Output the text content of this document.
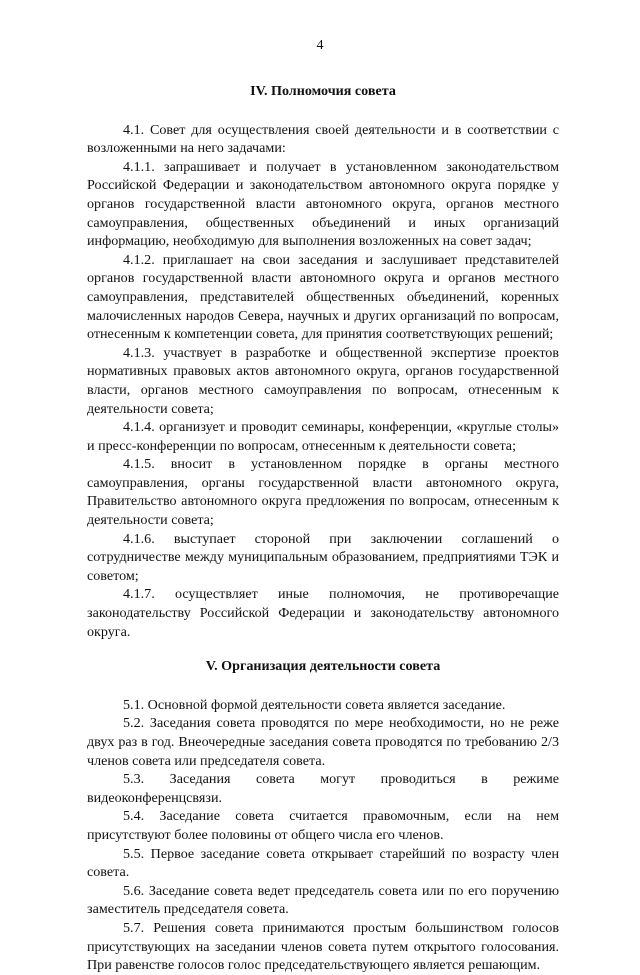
4
IV. Полномочия совета

4.1. Совет для осуществления своей деятельности и в соответствии с возложенными на него задачами:

4.1.1. запрашивает и получает в установленном законодательством Российской Федерации и законодательством автономного округа порядке у органов государственной власти автономного округа, органов местного самоуправления, общественных объединений и иных организаций информацию, необходимую для выполнения возложенных на совет задач;

4.1.2. приглашает на свои заседания и заслушивает представителей органов государственной власти автономного округа и органов местного самоуправления, представителей общественных объединений, коренных малочисленных народов Севера, научных и других организаций по вопросам, отнесенным к компетенции совета, для принятия соответствующих решений;

4.1.3. участвует в разработке и общественной экспертизе проектов нормативных правовых актов автономного округа, органов государственной власти, органов местного самоуправления по вопросам, отнесенным к деятельности совета;

4.1.4. организует и проводит семинары, конференции, «круглые столы» и пресс-конференции по вопросам, отнесенным к деятельности совета;

4.1.5. вносит в установленном порядке в органы местного самоуправления, органы государственной власти автономного округа, Правительство автономного округа предложения по вопросам, отнесенным к деятельности совета;

4.1.6. выступает стороной при заключении соглашений о сотрудничестве между муниципальным образованием, предприятиями ТЭК и советом;

4.1.7. осуществляет иные полномочия, не противоречащие законодательству Российской Федерации и законодательству автономного округа.

V. Организация деятельности совета

5.1. Основной формой деятельности совета является заседание.

5.2. Заседания совета проводятся по мере необходимости, но не реже двух раз в год. Внеочередные заседания совета проводятся по требованию 2/3 членов совета или председателя совета.

5.3. Заседания совета могут проводиться в режиме видеоконференцсвязи.

5.4. Заседание совета считается правомочным, если на нем присутствуют более половины от общего числа его членов.

5.5. Первое заседание совета открывает старейший по возрасту член совета.

5.6. Заседание совета ведет председатель совета или по его поручению заместитель председателя совета.

5.7. Решения совета принимаются простым большинством голосов присутствующих на заседании членов совета путем открытого голосования. При равенстве голосов голос председательствующего является решающим.
